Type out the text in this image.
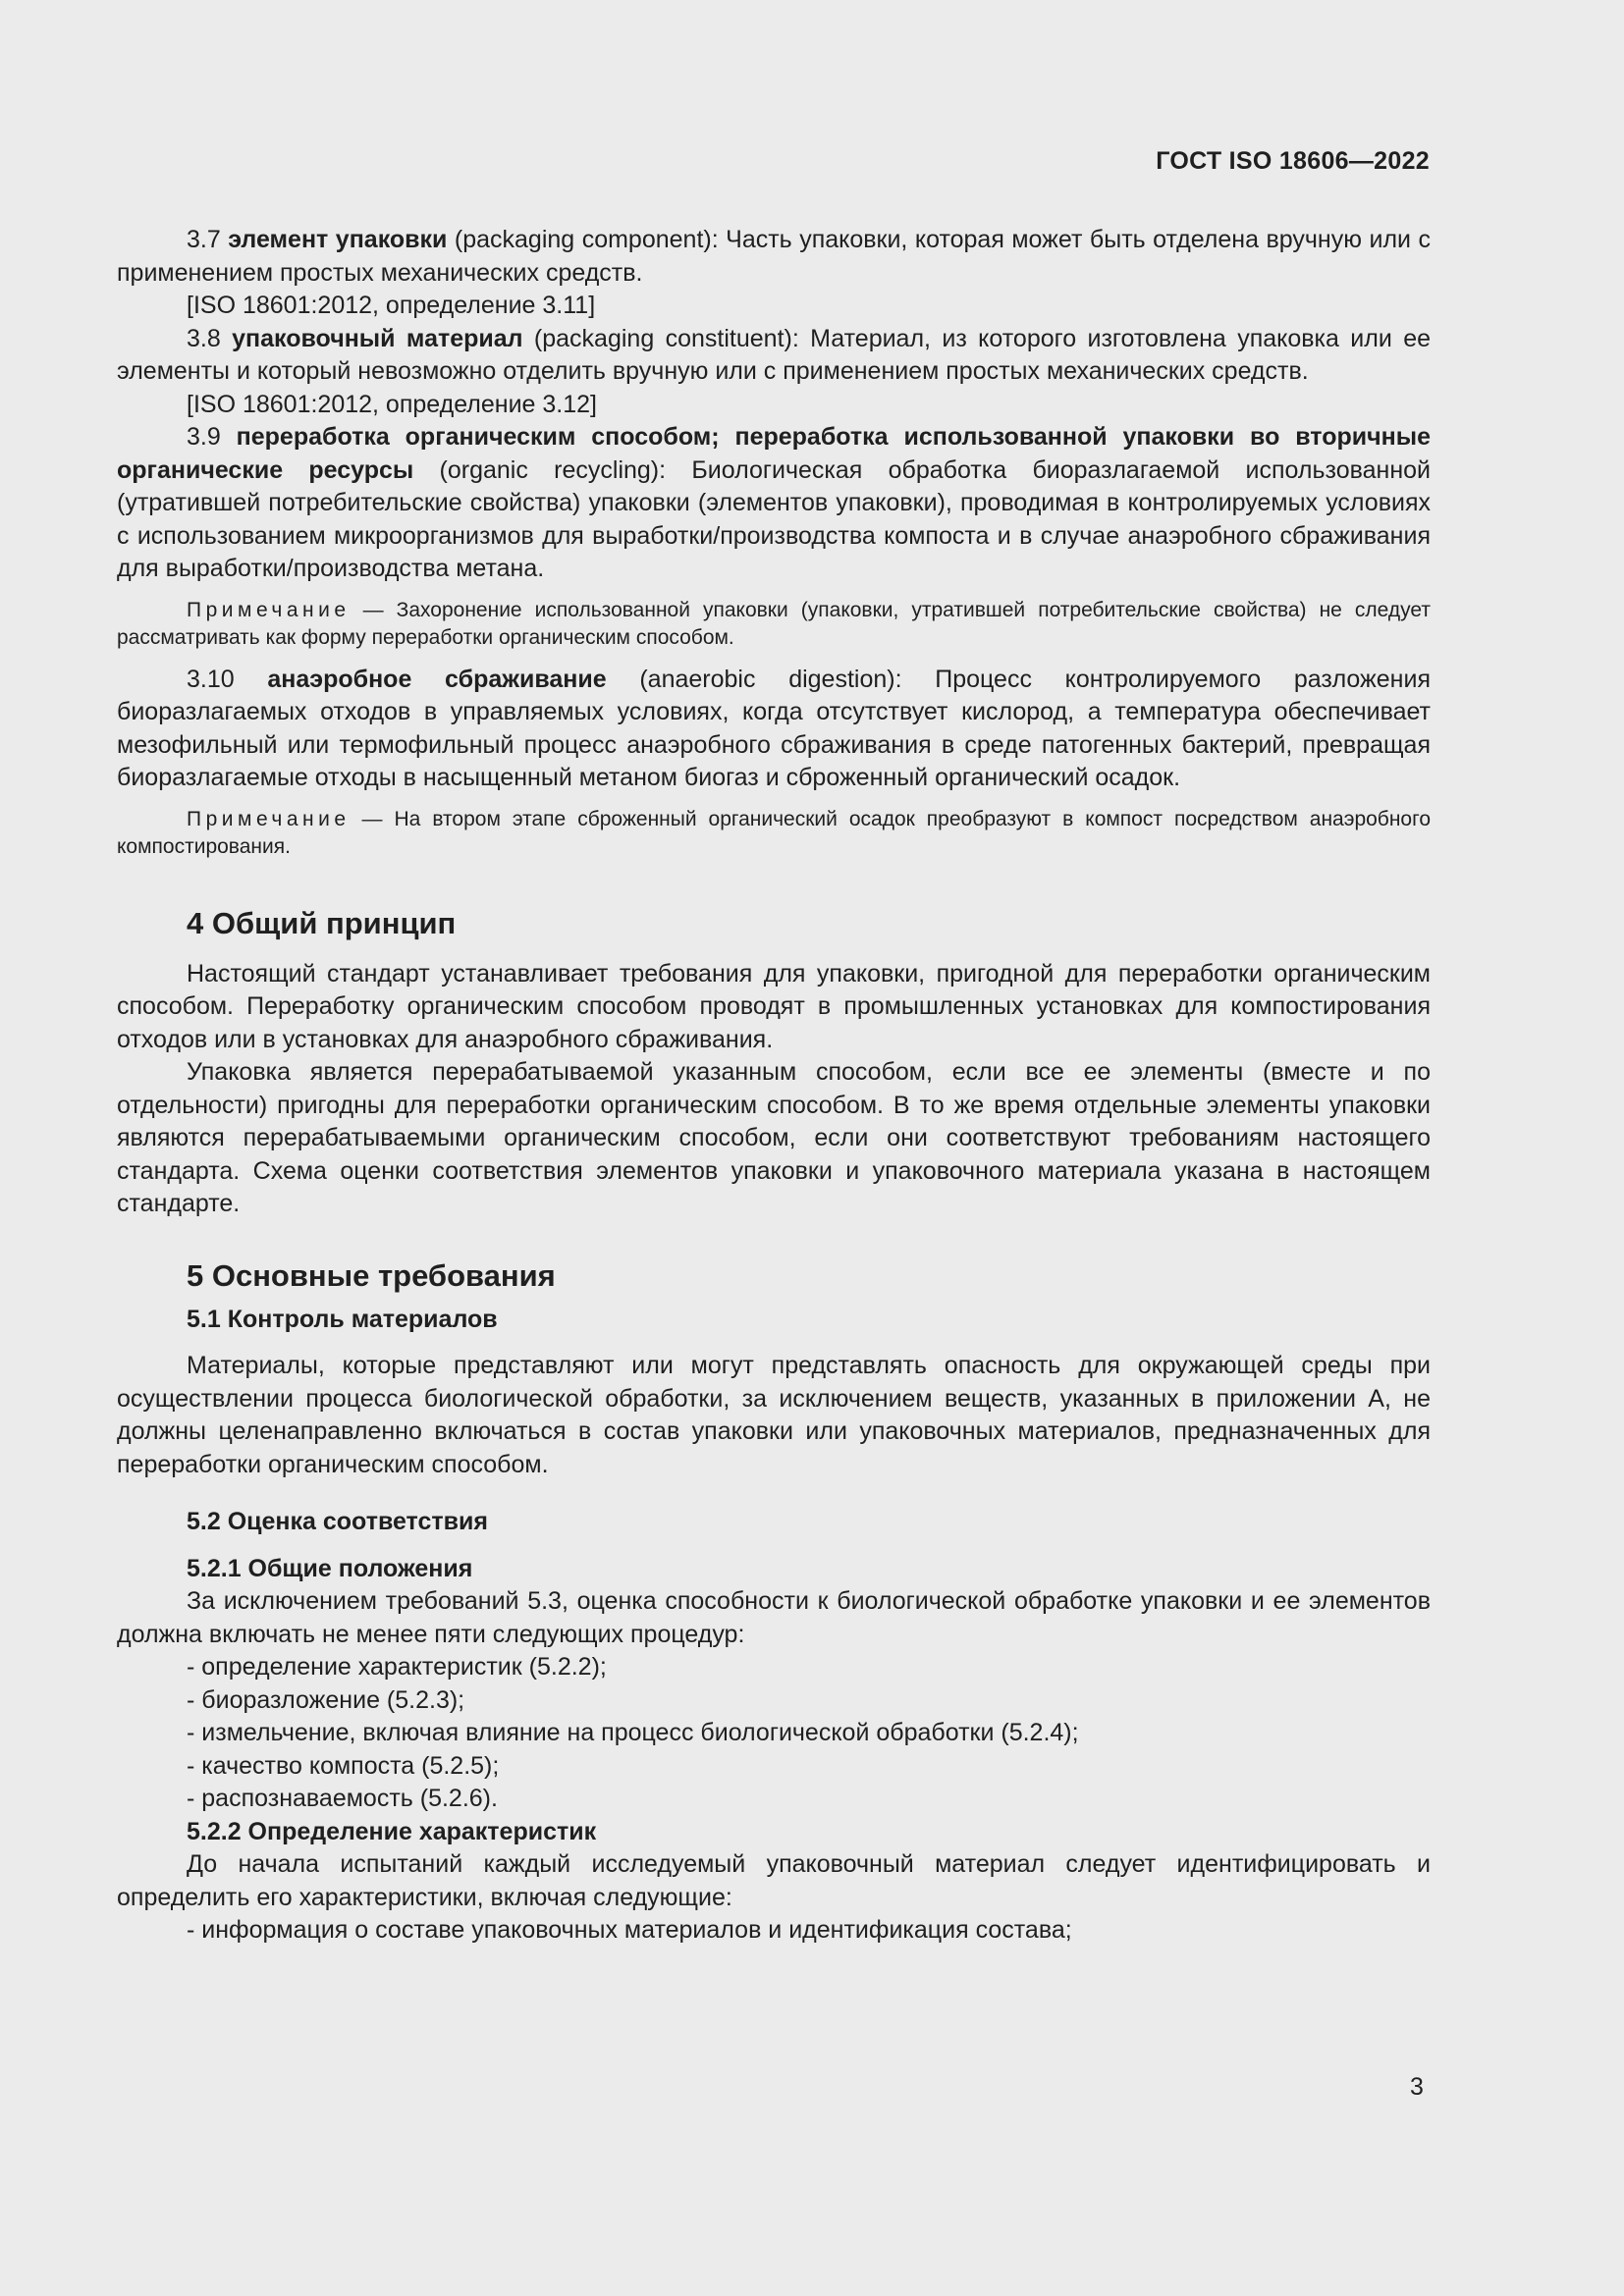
ГОСТ ISO 18606—2022

3.7 элемент упаковки (packaging component): Часть упаковки, которая может быть отделена вручную или с применением простых механических средств.

[ISO 18601:2012, определение 3.11]

3.8 упаковочный материал (packaging constituent): Материал, из которого изготовлена упаковка или ее элементы и который невозможно отделить вручную или с применением простых механических средств.

[ISO 18601:2012, определение 3.12]

3.9 переработка органическим способом; переработка использованной упаковки во вторичные органические ресурсы (organic recycling): Биологическая обработка биоразлагаемой использованной (утратившей потребительские свойства) упаковки (элементов упаковки), проводимая в контролируемых условиях с использованием микроорганизмов для выработки/производства компоста и в случае анаэробного сбраживания для выработки/производства метана.

Примечание — Захоронение использованной упаковки (упаковки, утратившей потребительские свойства) не следует рассматривать как форму переработки органическим способом.

3.10 анаэробное сбраживание (anaerobic digestion): Процесс контролируемого разложения биоразлагаемых отходов в управляемых условиях, когда отсутствует кислород, а температура обеспечивает мезофильный или термофильный процесс анаэробного сбраживания в среде патогенных бактерий, превращая биоразлагаемые отходы в насыщенный метаном биогаз и сброженный органический осадок.

Примечание — На втором этапе сброженный органический осадок преобразуют в компост посредством анаэробного компостирования.

4 Общий принцип

Настоящий стандарт устанавливает требования для упаковки, пригодной для переработки органическим способом. Переработку органическим способом проводят в промышленных установках для компостирования отходов или в установках для анаэробного сбраживания.

Упаковка является перерабатываемой указанным способом, если все ее элементы (вместе и по отдельности) пригодны для переработки органическим способом. В то же время отдельные элементы упаковки являются перерабатываемыми органическим способом, если они соответствуют требованиям настоящего стандарта. Схема оценки соответствия элементов упаковки и упаковочного материала указана в настоящем стандарте.

5 Основные требования

5.1 Контроль материалов

Материалы, которые представляют или могут представлять опасность для окружающей среды при осуществлении процесса биологической обработки, за исключением веществ, указанных в приложении А, не должны целенаправленно включаться в состав упаковки или упаковочных материалов, предназначенных для переработки органическим способом.

5.2 Оценка соответствия

5.2.1 Общие положения

За исключением требований 5.3, оценка способности к биологической обработке упаковки и ее элементов должна включать не менее пяти следующих процедур:

- определение характеристик (5.2.2);
- биоразложение (5.2.3);
- измельчение, включая влияние на процесс биологической обработки (5.2.4);
- качество компоста (5.2.5);
- распознаваемость (5.2.6).

5.2.2 Определение характеристик

До начала испытаний каждый исследуемый упаковочный материал следует идентифицировать и определить его характеристики, включая следующие:

- информация о составе упаковочных материалов и идентификация состава;
3
